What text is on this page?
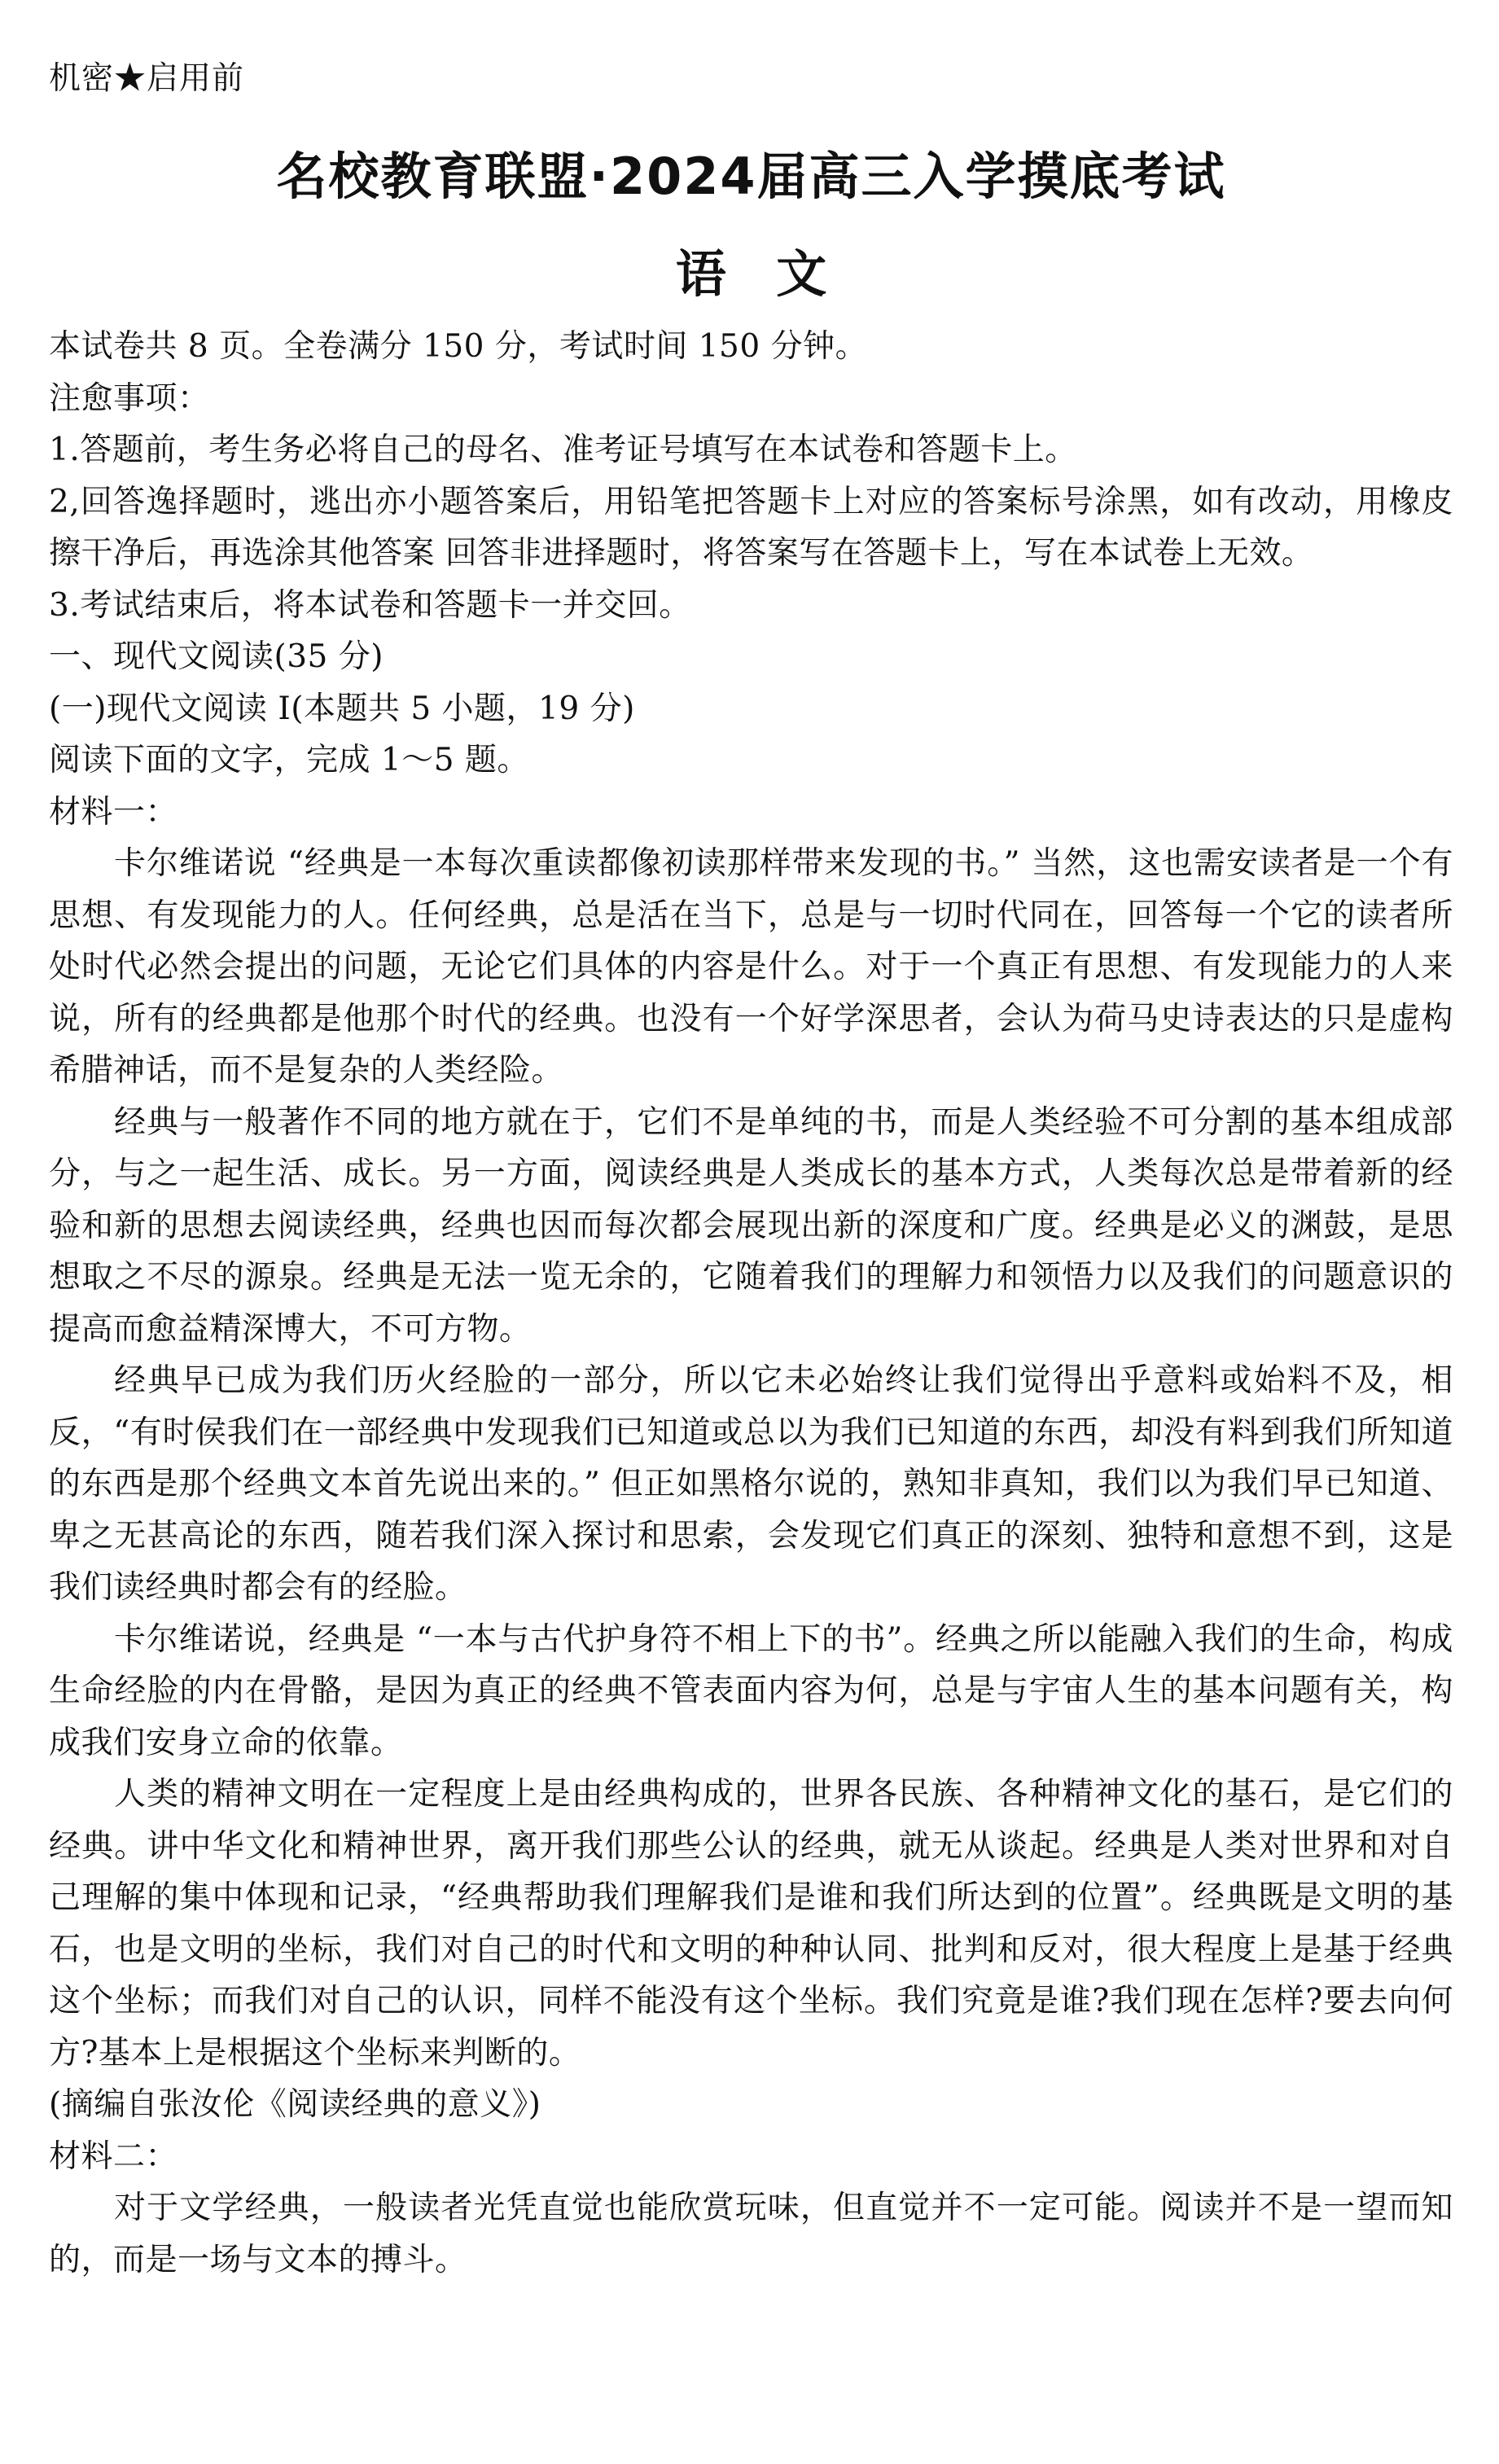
机密★启用前

名校教育联盟·2024届高三入学摸底考试
语 文

本试卷共 8 页。全卷满分 150 分，考试时间 150 分钟。

注愈事项：

1.答题前，考生务必将自己的母名、准考证号填写在本试卷和答题卡上。

2,回答逸择题时，逃出亦小题答案后，用铅笔把答题卡上对应的答案标号涂黑，如有改动，用橡皮擦干净后，再选涂其他答案 回答非进择题时，将答案写在答题卡上，写在本试卷上无效。

3.考试结束后，将本试卷和答题卡一并交回。

一、现代文阅读(35 分)

(一)现代文阅读 I(本题共 5 小题，19 分)

阅读下面的文字，完成 1～5 题。

材料一：

卡尔维诺说 “经典是一本每次重读都像初读那样带来发现的书。” 当然，这也需安读者是一个有思想、有发现能力的人。任何经典，总是活在当下，总是与一切时代同在，回答每一个它的读者所处时代必然会提出的问题，无论它们具体的内容是什么。对于一个真正有思想、有发现能力的人来说，所有的经典都是他那个时代的经典。也没有一个好学深思者，会认为荷马史诗表达的只是虚构希腊神话，而不是复杂的人类经险。

经典与一般著作不同的地方就在于，它们不是单纯的书，而是人类经验不可分割的基本组成部分，与之一起生活、成长。另一方面，阅读经典是人类成长的基本方式，人类每次总是带着新的经验和新的思想去阅读经典，经典也因而每次都会展现出新的深度和广度。经典是必义的渊鼓，是思想取之不尽的源泉。经典是无法一览无余的，它随着我们的理解力和领悟力以及我们的问题意识的提高而愈益精深博大，不可方物。

经典早已成为我们历火经脸的一部分，所以它未必始终让我们觉得出乎意料或始料不及，相反，“有时侯我们在一部经典中发现我们已知道或总以为我们已知道的东西，却没有料到我们所知道的东西是那个经典文本首先说出来的。” 但正如黑格尔说的，熟知非真知，我们以为我们早已知道、卑之无甚高论的东西，随若我们深入探讨和思索，会发现它们真正的深刻、独特和意想不到，这是我们读经典时都会有的经脸。

卡尔维诺说，经典是 “一本与古代护身符不相上下的书”。经典之所以能融入我们的生命，构成生命经脸的内在骨骼，是因为真正的经典不管表面内容为何，总是与宇宙人生的基本问题有关，构成我们安身立命的依靠。

人类的精神文明在一定程度上是由经典构成的，世界各民族、各种精神文化的基石，是它们的经典。讲中华文化和精神世界，离开我们那些公认的经典，就无从谈起。经典是人类对世界和对自己理解的集中体现和记录，“经典帮助我们理解我们是谁和我们所达到的位置”。经典既是文明的基石，也是文明的坐标，我们对自己的时代和文明的种种认同、批判和反对，很大程度上是基于经典这个坐标；而我们对自己的认识，同样不能没有这个坐标。我们究竟是谁?我们现在怎样?要去向何方?基本上是根据这个坐标来判断的。

(摘编自张汝伦《阅读经典的意义》)

材料二：

对于文学经典，一般读者光凭直觉也能欣赏玩味，但直觉并不一定可能。阅读并不是一望而知的，而是一场与文本的搏斗。
